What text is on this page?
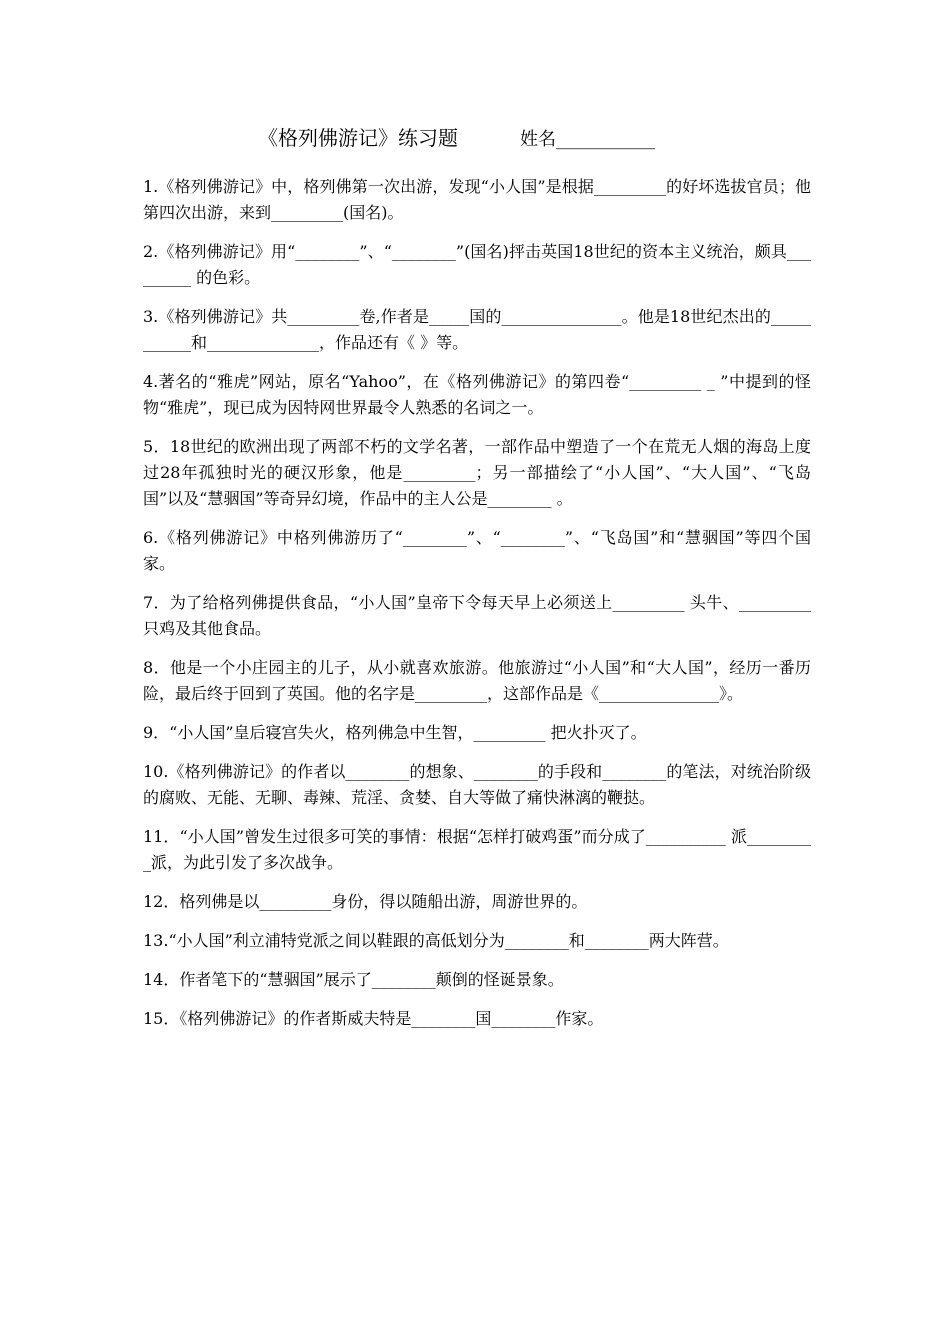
《格列佛游记》练习题	姓名___________

1.《格列佛游记》中，格列佛第一次出游，发现“小人国”是根据_________的好坏选拔官员；他第四次出游，来到_________(国名)。

2.《格列佛游记》用“________”、“________”(国名)抨击英国18世纪的资本主义统治，颇具_________ 的色彩。

3.《格列佛游记》共_________卷,作者是_____国的_______________。他是18世纪杰出的___________和______________，作品还有《 》等。

4.著名的“雅虎”网站，原名“Yahoo”，在《格列佛游记》的第四卷“_________ _ ”中提到的怪物“雅虎”，现已成为因特网世界最令人熟悉的名词之一。

5．18世纪的欧洲出现了两部不朽的文学名著，一部作品中塑造了一个在荒无人烟的海岛上度过28年孤独时光的硬汉形象，他是_________；另一部描绘了“小人国”、“大人国”、“飞岛国”以及“慧骃国”等奇异幻境，作品中的主人公是________ 。

6.《格列佛游记》中格列佛游历了“________”、“________”、“飞岛国”和“慧骃国”等四个国家。

7．为了给格列佛提供食品，“小人国”皇帝下令每天早上必须送上_________ 头牛、_________只鸡及其他食品。

8．他是一个小庄园主的儿子，从小就喜欢旅游。他旅游过“小人国”和“大人国”，经历一番历险，最后终于回到了英国。他的名字是_________，这部作品是《_______________》。

9．“小人国”皇后寝宫失火，格列佛急中生智，_________ 把火扑灭了。

10.《格列佛游记》的作者以________的想象、________的手段和________的笔法，对统治阶级的腐败、无能、无聊、毒辣、荒淫、贪婪、自大等做了痛快淋漓的鞭挞。

11．“小人国”曾发生过很多可笑的事情：根据“怎样打破鸡蛋”而分成了__________ 派_________派，为此引发了多次战争。

12．格列佛是以_________身份，得以随船出游，周游世界的。

13.“小人国”利立浦特党派之间以鞋跟的高低划分为________和________两大阵营。

14．作者笔下的“慧骃国”展示了________颠倒的怪诞景象。

15．《格列佛游记》的作者斯威夫特是________国________作家。
